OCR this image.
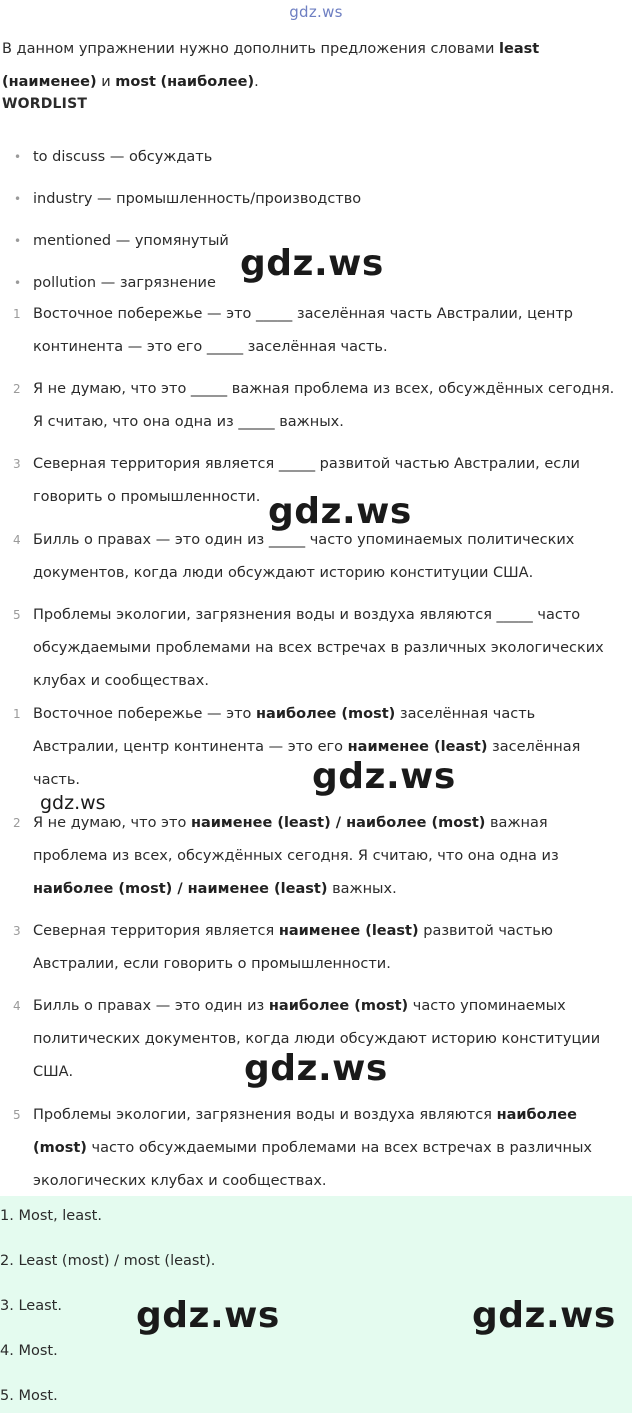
gdz.ws

В данном упражнении нужно дополнить предложения словами least (наименее) и most (наиболее).

WORDLIST

• to discuss — обсуждать
• industry — промышленность/производство
• mentioned — упомянутый
• pollution — загрязнение
1 Восточное побережье — это _____ заселённая часть Австралии, центр континента — это его _____ заселённая часть.
2 Я не думаю, что это _____ важная проблема из всех, обсуждённых сегодня. Я считаю, что она одна из _____ важных.
3 Северная территория является _____ развитой частью Австралии, если говорить о промышленности.
4 Билль о правах — это один из _____ часто упоминаемых политических документов, когда люди обсуждают историю конституции США.
5 Проблемы экологии, загрязнения воды и воздуха являются _____ часто обсуждаемыми проблемами на всех встречах в различных экологических клубах и сообществах.
1 Восточное побережье — это наиболее (most) заселённая часть Австралии, центр континента — это его наименее (least) заселённая часть.
2 Я не думаю, что это наименее (least) / наиболее (most) важная проблема из всех, обсуждённых сегодня. Я считаю, что она одна из наиболее (most) / наименее (least) важных.
3 Северная территория является наименее (least) развитой частью Австралии, если говорить о промышленности.
4 Билль о правах — это один из наиболее (most) часто упоминаемых политических документов, когда люди обсуждают историю конституции США.
5 Проблемы экологии, загрязнения воды и воздуха являются наиболее (most) часто обсуждаемыми проблемами на всех встречах в различных экологических клубах и сообществах.
1. Most, least.
2. Least (most) / most (least).
3. Least.
4. Most.
5. Most.
gdz.ws
gdz.ws
gdz.ws
gdz.ws
gdz.ws
gdz.ws	gdz.ws
